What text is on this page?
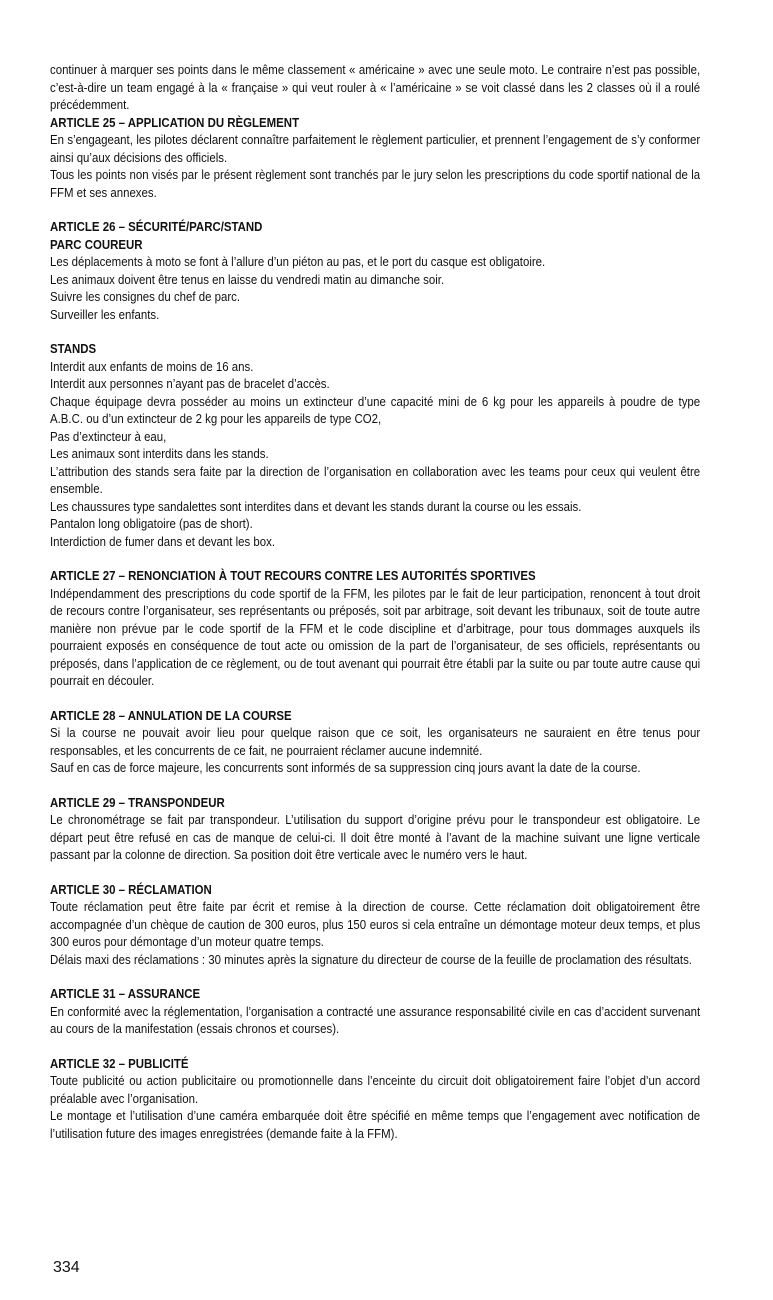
continuer à marquer ses points dans le même classement « américaine » avec une seule moto. Le contraire n’est pas possible, c’est-à-dire un team engagé à la « française » qui veut rouler à « l’américaine » se voit classé dans les 2 classes où il a roulé précédemment.

ARTICLE 25 – APPLICATION DU RÈGLEMENT

En s’engageant, les pilotes déclarent connaître parfaitement le règlement particulier, et prennent l’engagement de s’y conformer ainsi qu’aux décisions des officiels.

Tous les points non visés par le présent règlement sont tranchés par le jury selon les prescriptions du code sportif national de la FFM et ses annexes.

ARTICLE 26 – SÉCURITÉ/PARC/STAND

PARC COUREUR

Les déplacements à moto se font à l’allure d’un piéton au pas, et le port du casque est obligatoire.

Les animaux doivent être tenus en laisse du vendredi matin au dimanche soir.

Suivre les consignes du chef de parc.

Surveiller les enfants.

STANDS

Interdit aux enfants de moins de 16 ans.

Interdit aux personnes n’ayant pas de bracelet d’accès.

Chaque équipage devra posséder au moins un extincteur d’une capacité mini de 6 kg pour les appareils à poudre de type A.B.C. ou d’un extincteur de 2 kg pour les appareils de type CO2,

Pas d’extincteur à eau,

Les animaux sont interdits dans les stands.

L’attribution des stands sera faite par la direction de l’organisation en collaboration avec les teams pour ceux qui veulent être ensemble.

Les chaussures type sandalettes sont interdites dans et devant les stands durant la course ou les essais.

Pantalon long obligatoire (pas de short).

Interdiction de fumer dans et devant les box.

ARTICLE 27 – RENONCIATION À TOUT RECOURS CONTRE LES AUTORITÉS SPORTIVES

Indépendamment des prescriptions du code sportif de la FFM, les pilotes par le fait de leur participation, renoncent à tout droit de recours contre l’organisateur, ses représentants ou préposés, soit par arbitrage, soit devant les tribunaux, soit de toute autre manière non prévue par le code sportif de la FFM et le code discipline et d’arbitrage, pour tous dommages auxquels ils pourraient exposés en conséquence de tout acte ou omission de la part de l’organisateur, de ses officiels, représentants ou préposés, dans l’application de ce règlement, ou de tout avenant qui pourrait être établi par la suite ou par toute autre cause qui pourrait en découler.

ARTICLE 28 – ANNULATION DE LA COURSE

Si la course ne pouvait avoir lieu pour quelque raison que ce soit, les organisateurs ne sauraient en être tenus pour responsables, et les concurrents de ce fait, ne pourraient réclamer aucune indemnité.

Sauf en cas de force majeure, les concurrents sont informés de sa suppression cinq jours avant la date de la course.

ARTICLE 29 – TRANSPONDEUR

Le chronométrage se fait par transpondeur. L’utilisation du support d’origine prévu pour le transpondeur est obligatoire. Le départ peut être refusé en cas de manque de celui-ci. Il doit être monté à l’avant de la machine suivant une ligne verticale passant par la colonne de direction. Sa position doit être verticale avec le numéro vers le haut.

ARTICLE 30 – RÉCLAMATION

Toute réclamation peut être faite par écrit et remise à la direction de course. Cette réclamation doit obligatoirement être accompagnée d’un chèque de caution de 300 euros, plus 150 euros si cela entraîne un démontage moteur deux temps, et plus 300 euros pour démontage d’un moteur quatre temps.

Délais maxi des réclamations : 30 minutes après la signature du directeur de course de la feuille de proclamation des résultats.

ARTICLE 31 – ASSURANCE

En conformité avec la réglementation, l’organisation a contracté une assurance responsabilité civile en cas d’accident survenant au cours de la manifestation (essais chronos et courses).

ARTICLE 32 – PUBLICITÉ

Toute publicité ou action publicitaire ou promotionnelle dans l’enceinte du circuit doit obligatoirement faire l’objet d’un accord préalable avec l’organisation.

Le montage et l’utilisation d’une caméra embarquée doit être spécifié en même temps que l’engagement avec notification de l’utilisation future des images enregistrées (demande faite à la FFM).

334
